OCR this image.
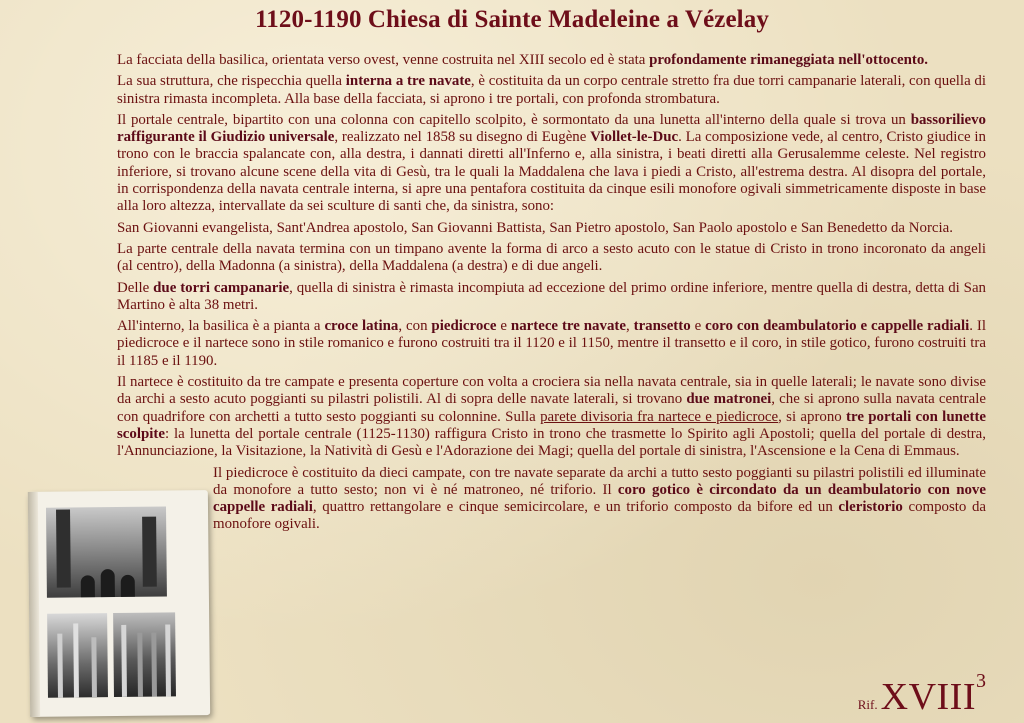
1120-1190 Chiesa di Sainte Madeleine a Vézelay

La facciata della basilica, orientata verso ovest, venne costruita nel XIII secolo ed è stata profondamente rimaneggiata nell'ottocento.

La sua struttura, che rispecchia quella interna a tre navate, è costituita da un corpo centrale stretto fra due torri campanarie laterali, con quella di sinistra rimasta incompleta. Alla base della facciata, si aprono i tre portali, con profonda strombatura.

Il portale centrale, bipartito con una colonna con capitello scolpito, è sormontato da una lunetta all'interno della quale si trova un bassorilievo raffigurante il Giudizio universale, realizzato nel 1858 su disegno di Eugène Viollet-le-Duc. La composizione vede, al centro, Cristo giudice in trono con le braccia spalancate con, alla destra, i dannati diretti all'Inferno e, alla sinistra, i beati diretti alla Gerusalemme celeste. Nel registro inferiore, si trovano alcune scene della vita di Gesù, tra le quali la Maddalena che lava i piedi a Cristo, all'estrema destra. Al disopra del portale, in corrispondenza della navata centrale interna, si apre una pentafora costituita da cinque esili monofore ogivali simmetricamente disposte in base alla loro altezza, intervallate da sei sculture di santi che, da sinistra, sono:

San Giovanni evangelista, Sant'Andrea apostolo, San Giovanni Battista, San Pietro apostolo, San Paolo apostolo e San Benedetto da Norcia.

La parte centrale della navata termina con un timpano avente la forma di arco a sesto acuto con le statue di Cristo in trono incoronato da angeli (al centro), della Madonna (a sinistra), della Maddalena (a destra) e di due angeli.

Delle due torri campanarie, quella di sinistra è rimasta incompiuta ad eccezione del primo ordine inferiore, mentre quella di destra, detta di San Martino è alta 38 metri.

All'interno, la basilica è a pianta a croce latina, con piedicroce e nartece tre navate, transetto e coro con deambulatorio e cappelle radiali. Il piedicroce e il nartece sono in stile romanico e furono costruiti tra il 1120 e il 1150, mentre il transetto e il coro, in stile gotico, furono costruiti tra il 1185 e il 1190.

Il nartece è costituito da tre campate e presenta coperture con volta a crociera sia nella navata centrale, sia in quelle laterali; le navate sono divise da archi a sesto acuto poggianti su pilastri polistili. Al di sopra delle navate laterali, si trovano due matronei, che si aprono sulla navata centrale con quadrifore con archetti a tutto sesto poggianti su colonnine. Sulla parete divisoria fra nartece e piedicroce, si aprono tre portali con lunette scolpite: la lunetta del portale centrale (1125-1130) raffigura Cristo in trono che trasmette lo Spirito agli Apostoli; quella del portale di destra, l'Annunciazione, la Visitazione, la Natività di Gesù e l'Adorazione dei Magi; quella del portale di sinistra, l'Ascensione e la Cena di Emmaus.

Il piedicroce è costituito da dieci campate, con tre navate separate da archi a tutto sesto poggianti su pilastri polistili ed illuminate da monofore a tutto sesto; non vi è né matroneo, né triforio. Il coro gotico è circondato da un deambulatorio con nove cappelle radiali, quattro rettangolare e cinque semicircolare, e un triforio composto da bifore ed un cleristorio composto da monofore ogivali.

Rif.XVIII3
